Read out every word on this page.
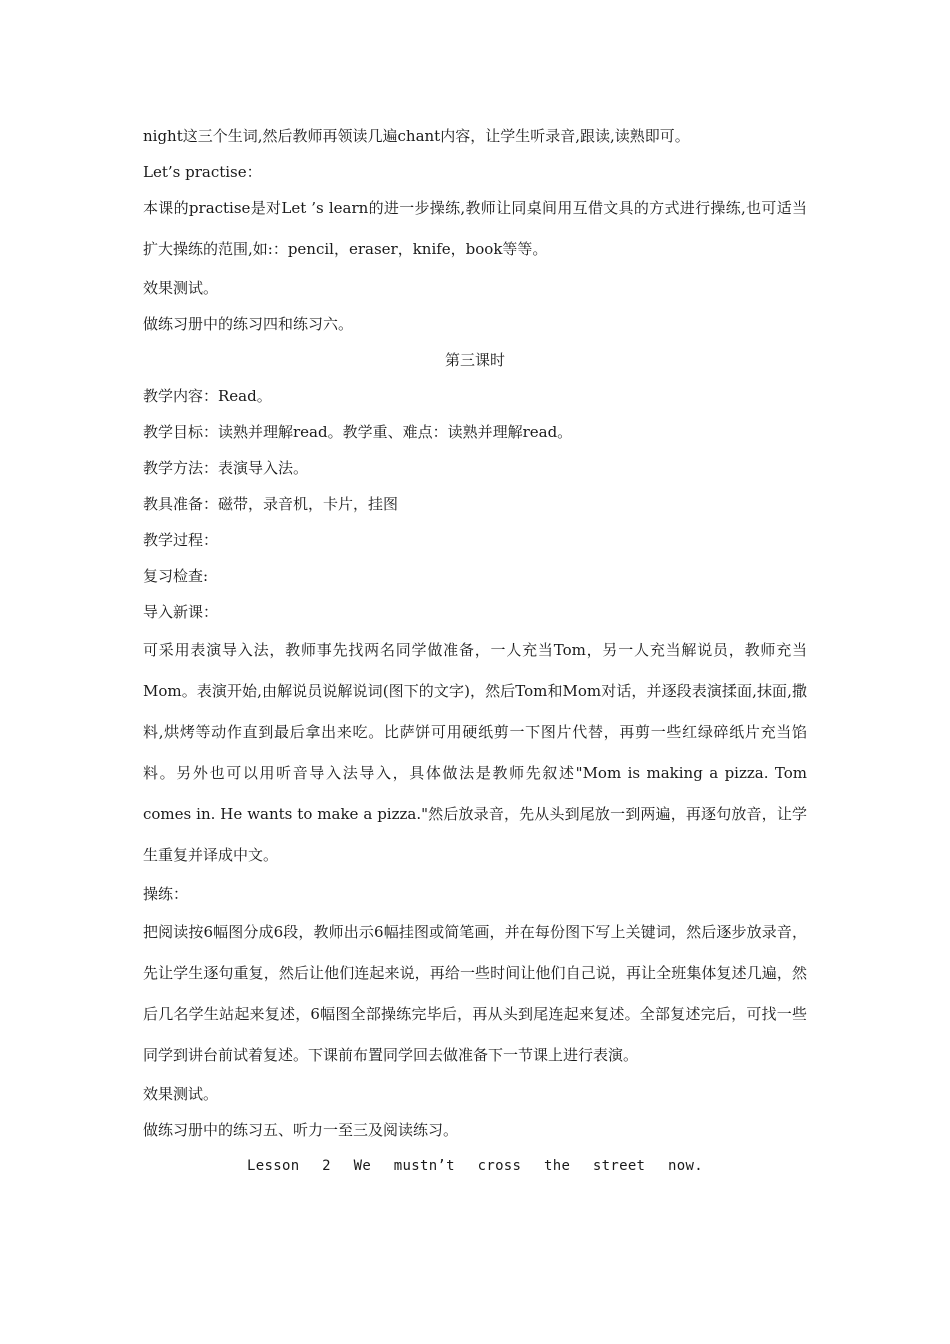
night这三个生词,然后教师再领读几遍chant内容，让学生听录音,跟读,读熟即可。

Let’s practise：

本课的practise是对Let ’s learn的进一步操练,教师让同桌间用互借文具的方式进行操练,也可适当扩大操练的范围,如:：pencil，eraser，knife，book等等。

效果测试。

做练习册中的练习四和练习六。

第三课时

教学内容：Read。

教学目标：读熟并理解read。教学重、难点：读熟并理解read。

教学方法：表演导入法。

教具准备：磁带，录音机，卡片，挂图

教学过程：

复习检查:

导入新课：

可采用表演导入法，教师事先找两名同学做准备，一人充当Tom，另一人充当解说员，教师充当Mom。表演开始,由解说员说解说词(图下的文字)，然后Tom和Mom对话，并逐段表演揉面,抹面,撒料,烘烤等动作直到最后拿出来吃。比萨饼可用硬纸剪一下图片代替，再剪一些红绿碎纸片充当馅料。另外也可以用听音导入法导入，具体做法是教师先叙述"Mom is making a pizza. Tom comes in. He wants to make a pizza."然后放录音，先从头到尾放一到两遍，再逐句放音，让学生重复并译成中文。

操练：

把阅读按6幅图分成6段，教师出示6幅挂图或简笔画，并在每份图下写上关键词，然后逐步放录音，先让学生逐句重复，然后让他们连起来说，再给一些时间让他们自己说，再让全班集体复述几遍，然后几名学生站起来复述，6幅图全部操练完毕后，再从头到尾连起来复述。全部复述完后，可找一些同学到讲台前试着复述。下课前布置同学回去做准备下一节课上进行表演。

效果测试。

做练习册中的练习五、听力一至三及阅读练习。

Lesson 2 We mustn’t cross the street now.
